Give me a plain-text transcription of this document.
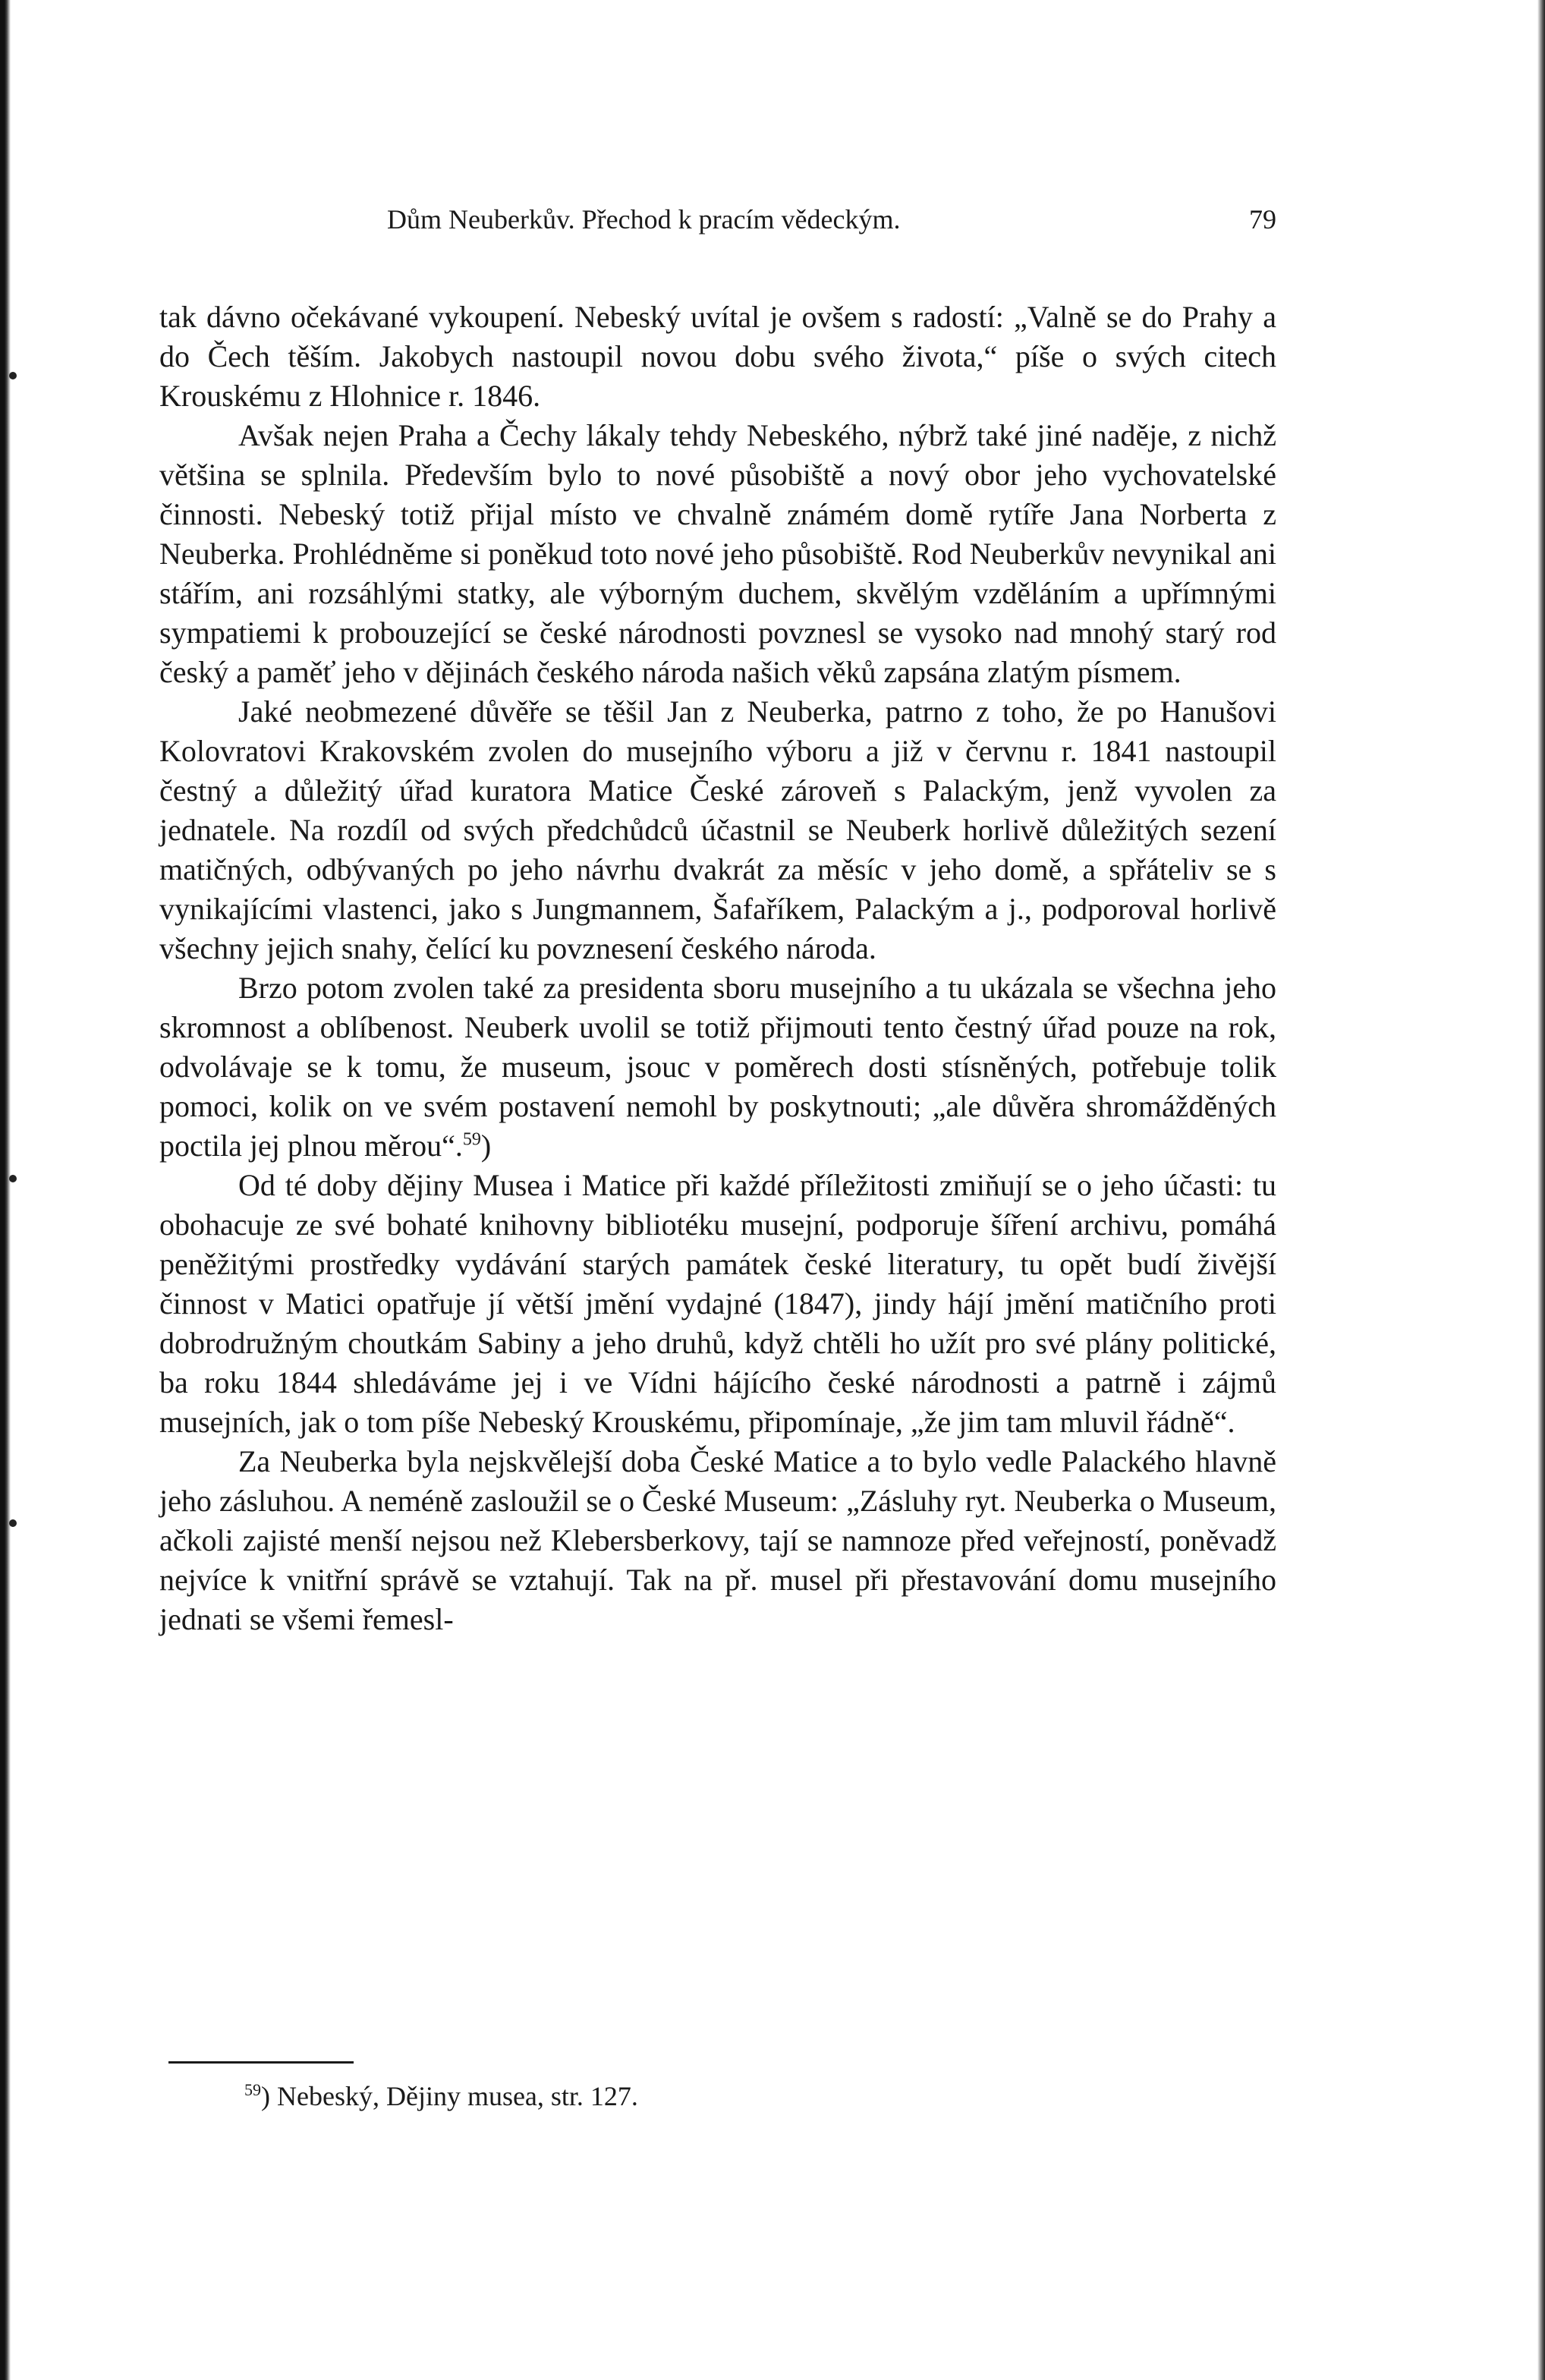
Dům Neuberkův. Přechod k pracím vědeckým.	79

tak dávno očekávané vykoupení. Nebeský uvítal je ovšem s radostí: „Valně se do Prahy a do Čech těším. Jakobych nastoupil novou dobu svého života,“ píše o svých citech Krouskému z Hlohnice r. 1846.

Avšak nejen Praha a Čechy lákaly tehdy Nebeského, nýbrž také jiné naděje, z nichž většina se splnila. Především bylo to nové působiště a nový obor jeho vychovatelské činnosti. Nebeský totiž přijal místo ve chvalně známém domě rytíře Jana Norberta z Neuberka. Prohlédněme si poněkud toto nové jeho působiště. Rod Neuberkův nevynikal ani stářím, ani rozsáhlými statky, ale výborným duchem, skvělým vzděláním a upřímnými sympatiemi k probouzející se české národnosti povznesl se vysoko nad mnohý starý rod český a paměť jeho v dějinách českého národa našich věků zapsána zlatým písmem.

Jaké neobmezené důvěře se těšil Jan z Neuberka, patrno z toho, že po Hanušovi Kolovratovi Krakovském zvolen do musejního výboru a již v červnu r. 1841 nastoupil čestný a důležitý úřad kuratora Matice České zároveň s Palackým, jenž vyvolen za jednatele. Na rozdíl od svých předchůdců účastnil se Neuberk horlivě důležitých sezení matičných, odbývaných po jeho návrhu dvakrát za měsíc v jeho domě, a spřáteliv se s vynikajícími vlastenci, jako s Jungmannem, Šafaříkem, Palackým a j., podporoval horlivě všechny jejich snahy, čelící ku povznesení českého národa.

Brzo potom zvolen také za presidenta sboru musejního a tu ukázala se všechna jeho skromnost a oblíbenost. Neuberk uvolil se totiž přijmouti tento čestný úřad pouze na rok, odvolávaje se k tomu, že museum, jsouc v poměrech dosti stísněných, potřebuje tolik pomoci, kolik on ve svém postavení nemohl by poskytnouti; „ale důvěra shromážděných poctila jej plnou měrou“.$^{59}$)

Od té doby dějiny Musea i Matice při každé příležitosti zmiňují se o jeho účasti: tu obohacuje ze své bohaté knihovny bibliotéku musejní, podporuje šíření archivu, pomáhá peněžitými prostředky vydávání starých památek české literatury, tu opět budí živější činnost v Matici opatřuje jí větší jmění vydajné (1847), jindy hájí jmění matičního proti dobrodružným choutkám Sabiny a jeho druhů, když chtěli ho užít pro své plány politické, ba roku 1844 shledáváme jej i ve Vídni hájícího české národnosti a patrně i zájmů musejních, jak o tom píše Nebeský Krouskému, připomínaje, „že jim tam mluvil řádně“.

Za Neuberka byla nejskvělejší doba České Matice a to bylo vedle Palackého hlavně jeho zásluhou. A neméně zasloužil se o České Museum: „Zásluhy ryt. Neuberka o Museum, ačkoli zajisté menší nejsou než Klebersberkovy, tají se namnoze před veřejností, poněvadž nejvíce k vnitřní správě se vztahují. Tak na př. musel při přestavování domu musejního jednati se všemi řemesl-

$^{59}$) Nebeský, Dějiny musea, str. 127.
